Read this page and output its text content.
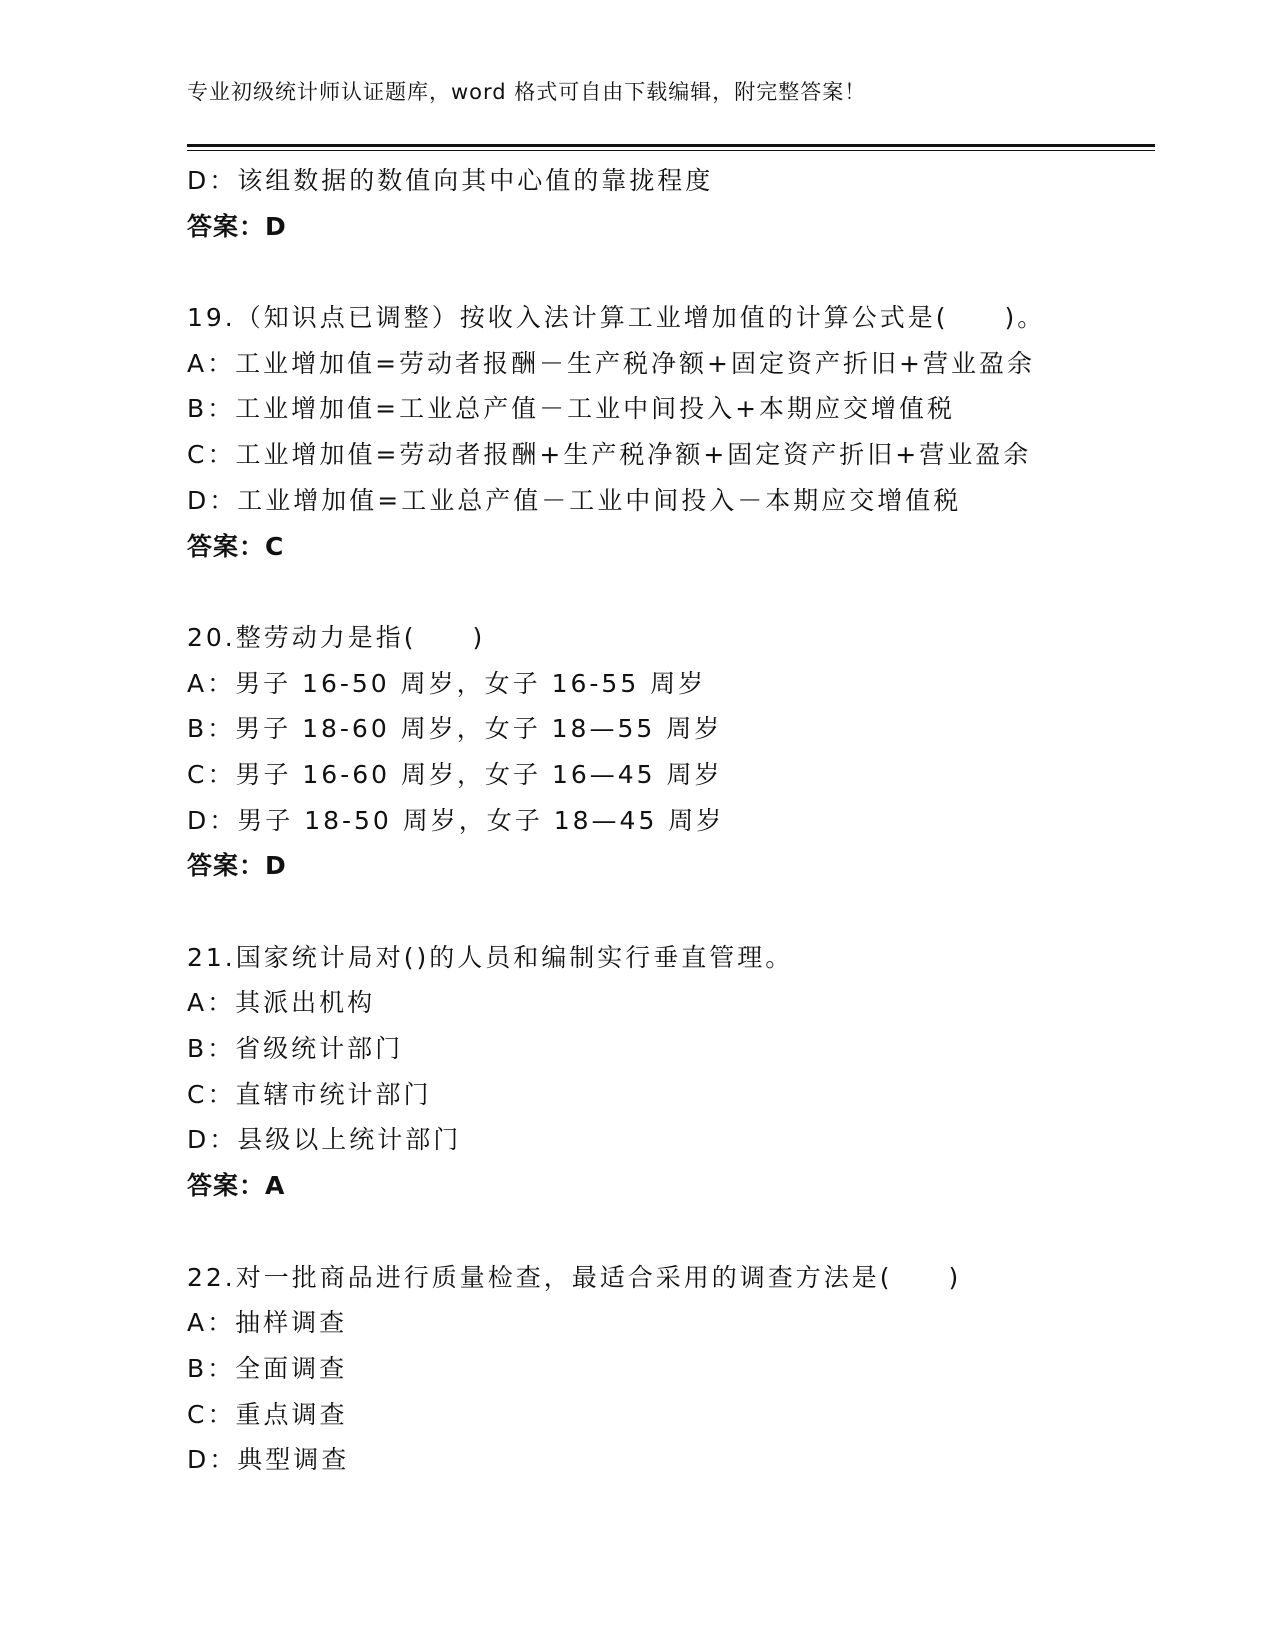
专业初级统计师认证题库，word 格式可自由下载编辑，附完整答案！
D：该组数据的数值向其中心值的靠拢程度
答案：D
19.（知识点已调整）按收入法计算工业增加值的计算公式是(　　)。
A：工业增加值=劳动者报酬－生产税净额+固定资产折旧+营业盈余
B：工业增加值=工业总产值－工业中间投入+本期应交增值税
C：工业增加值=劳动者报酬+生产税净额+固定资产折旧+营业盈余
D：工业增加值=工业总产值－工业中间投入－本期应交增值税
答案：C
20.整劳动力是指(　　)
A：男子 16-50 周岁，女子 16-55 周岁
B：男子 18-60 周岁，女子 18—55 周岁
C：男子 16-60 周岁，女子 16—45 周岁
D：男子 18-50 周岁，女子 18—45 周岁
答案：D
21.国家统计局对()的人员和编制实行垂直管理。
A：其派出机构
B：省级统计部门
C：直辖市统计部门
D：县级以上统计部门
答案：A
22.对一批商品进行质量检查，最适合采用的调查方法是(　　)
A：抽样调查
B：全面调查
C：重点调查
D：典型调查
